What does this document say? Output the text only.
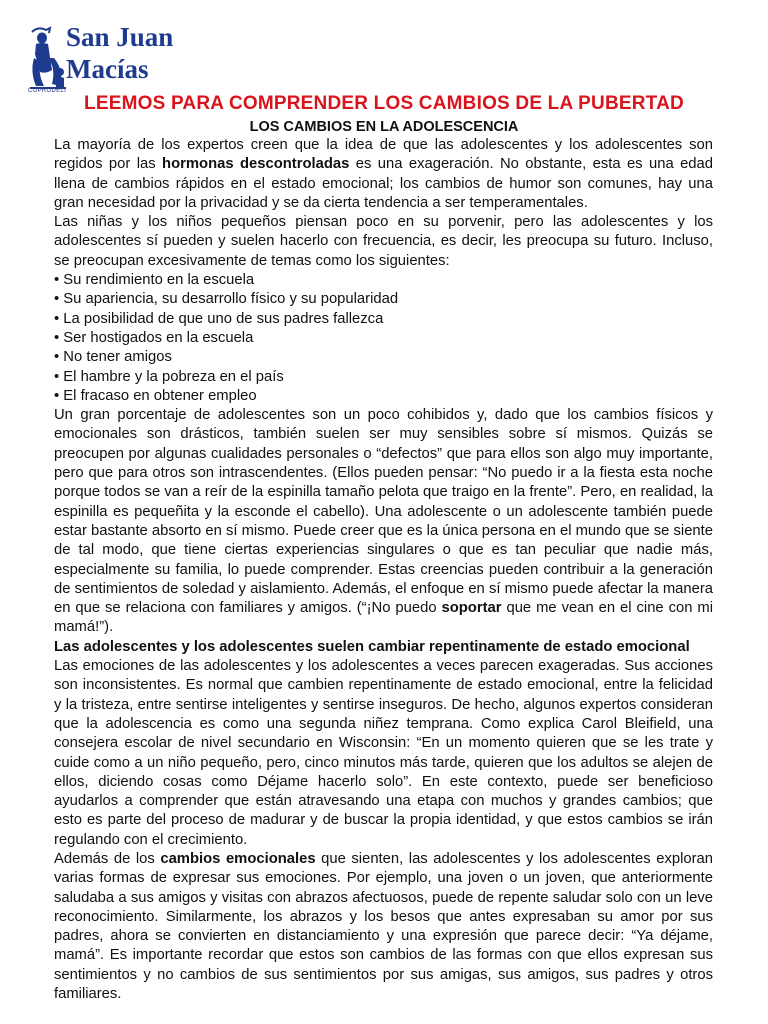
San Juan
Macías
COPRODELI
LEEMOS PARA COMPRENDER LOS CAMBIOS DE LA PUBERTAD
LOS CAMBIOS EN LA ADOLESCENCIA

La mayoría de los expertos creen que la idea de que las adolescentes y los adolescentes son regidos por las hormonas descontroladas es una exageración. No obstante, esta es una edad llena de cambios rápidos en el estado emocional; los cambios de humor son comunes, hay una gran necesidad por la privacidad y se da cierta tendencia a ser temperamentales.

Las niñas y los niños pequeños piensan poco en su porvenir, pero las adolescentes y los adolescentes sí pueden y suelen hacerlo con frecuencia, es decir, les preocupa su futuro. Incluso, se preocupan excesivamente de temas como los siguientes:

• Su rendimiento en la escuela
• Su apariencia, su desarrollo físico y su popularidad
• La posibilidad de que uno de sus padres fallezca
• Ser hostigados en la escuela
• No tener amigos
• El hambre y la pobreza en el país
• El fracaso en obtener empleo

Un gran porcentaje de adolescentes son un poco cohibidos y, dado que los cambios físicos y emocionales son drásticos, también suelen ser muy sensibles sobre sí mismos. Quizás se preocupen por algunas cualidades personales o “defectos” que para ellos son algo muy importante, pero que para otros son intrascendentes. (Ellos pueden pensar: “No puedo ir a la fiesta esta noche porque todos se van a reír de la espinilla tamaño pelota que traigo en la frente”. Pero, en realidad, la espinilla es pequeñita y la esconde el cabello). Una adolescente o un adolescente también puede estar bastante absorto en sí mismo. Puede creer que es la única persona en el mundo que se siente de tal modo, que tiene ciertas experiencias singulares o que es tan peculiar que nadie más, especialmente su familia, lo puede comprender. Estas creencias pueden contribuir a la generación de sentimientos de soledad y aislamiento. Además, el enfoque en sí mismo puede afectar la manera en que se relaciona con familiares y amigos. (“¡No puedo soportar que me vean en el cine con mi mamá!”).

Las adolescentes y los adolescentes suelen cambiar repentinamente de estado emocional

Las emociones de las adolescentes y los adolescentes a veces parecen exageradas. Sus acciones son inconsistentes. Es normal que cambien repentinamente de estado emocional, entre la felicidad y la tristeza, entre sentirse inteligentes y sentirse inseguros. De hecho, algunos expertos consideran que la adolescencia es como una segunda niñez temprana. Como explica Carol Bleifield, una consejera escolar de nivel secundario en Wisconsin: “En un momento quieren que se les trate y cuide como a un niño pequeño, pero, cinco minutos más tarde, quieren que los adultos se alejen de ellos, diciendo cosas como Déjame hacerlo solo”. En este contexto, puede ser beneficioso ayudarlos a comprender que están atravesando una etapa con muchos y grandes cambios; que esto es parte del proceso de madurar y de buscar la propia identidad, y que estos cambios se irán regulando con el crecimiento.

Además de los cambios emocionales que sienten, las adolescentes y los adolescentes exploran varias formas de expresar sus emociones. Por ejemplo, una joven o un joven, que anteriormente saludaba a sus amigos y visitas con abrazos afectuosos, puede de repente saludar solo con un leve reconocimiento. Similarmente, los abrazos y los besos que antes expresaban su amor por sus padres, ahora se convierten en distanciamiento y una expresión que parece decir: “Ya déjame, mamá”. Es importante recordar que estos son cambios de las formas con que ellos expresan sus sentimientos y no cambios de sus sentimientos por sus amigas, sus amigos, sus padres y otros familiares.
